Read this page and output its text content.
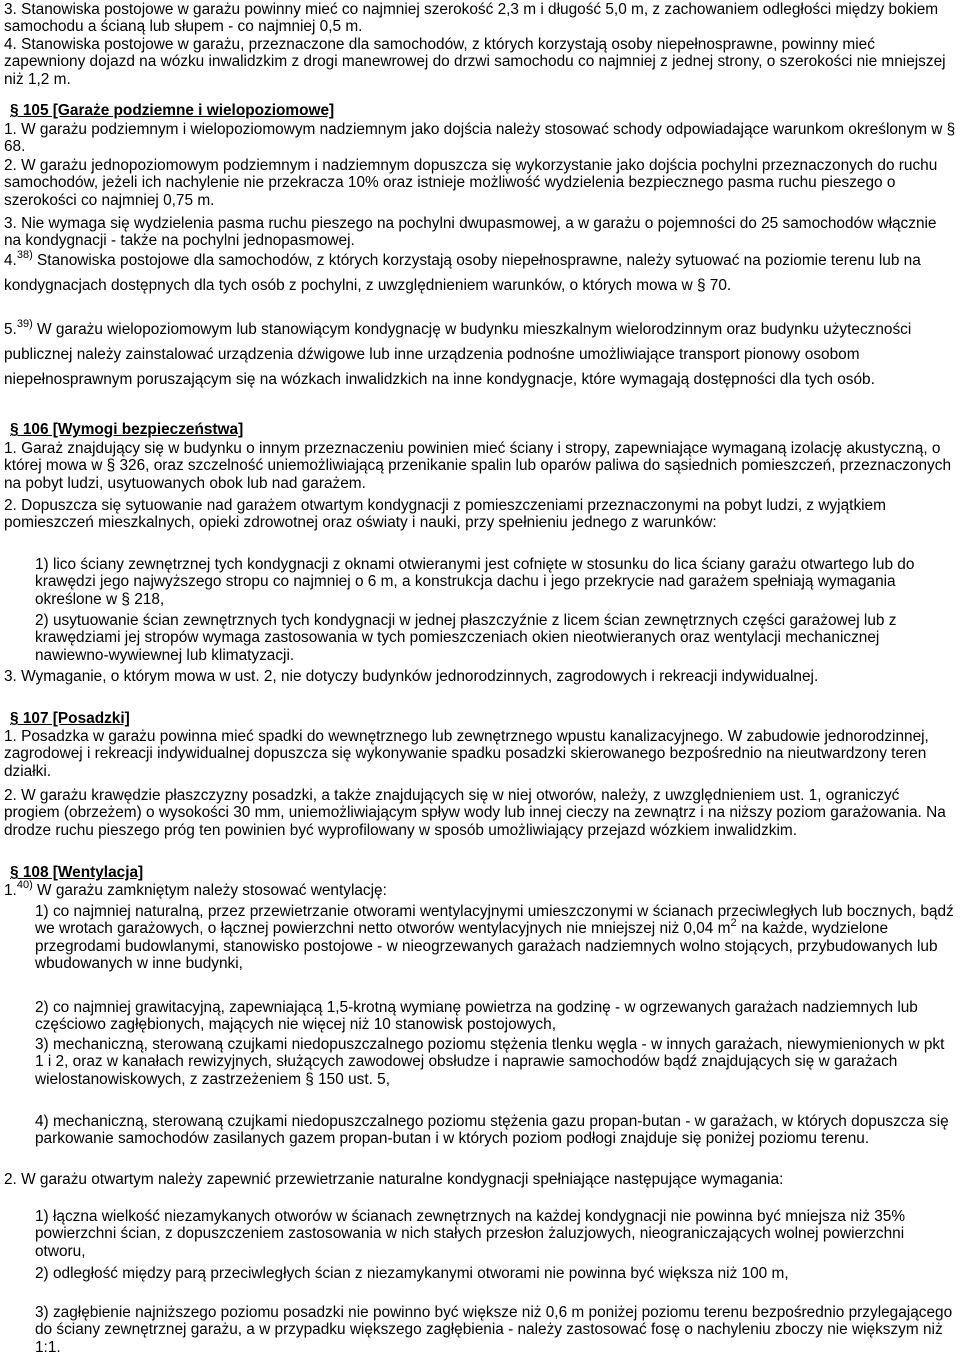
3. Stanowiska postojowe w garażu powinny mieć co najmniej szerokość 2,3 m i długość 5,0 m, z zachowaniem odległości między bokiem samochodu a ścianą lub słupem - co najmniej 0,5 m.

4. Stanowiska postojowe w garażu, przeznaczone dla samochodów, z których korzystają osoby niepełnosprawne, powinny mieć zapewniony dojazd na wózku inwalidzkim z drogi manewrowej do drzwi samochodu co najmniej z jednej strony, o szerokości nie mniejszej niż 1,2 m.

§ 105 [Garaże podziemne i wielopoziomowe]

1. W garażu podziemnym i wielopoziomowym nadziemnym jako dojścia należy stosować schody odpowiadające warunkom określonym w § 68.

2. W garażu jednopoziomowym podziemnym i nadziemnym dopuszcza się wykorzystanie jako dojścia pochylni przeznaczonych do ruchu samochodów, jeżeli ich nachylenie nie przekracza 10% oraz istnieje możliwość wydzielenia bezpiecznego pasma ruchu pieszego o szerokości co najmniej 0,75 m.

3. Nie wymaga się wydzielenia pasma ruchu pieszego na pochylni dwupasmowej, a w garażu o pojemności do 25 samochodów włącznie na kondygnacji - także na pochylni jednopasmowej.

4.$^{38)}$ Stanowiska postojowe dla samochodów, z których korzystają osoby niepełnosprawne, należy sytuować na poziomie terenu lub na kondygnacjach dostępnych dla tych osób z pochylni, z uwzględnieniem warunków, o których mowa w § 70.

5.$^{39)}$ W garażu wielopoziomowym lub stanowiącym kondygnację w budynku mieszkalnym wielorodzinnym oraz budynku użyteczności publicznej należy zainstalować urządzenia dźwigowe lub inne urządzenia podnośne umożliwiające transport pionowy osobom niepełnosprawnym poruszającym się na wózkach inwalidzkich na inne kondygnacje, które wymagają dostępności dla tych osób.

§ 106 [Wymogi bezpieczeństwa]

1. Garaż znajdujący się w budynku o innym przeznaczeniu powinien mieć ściany i stropy, zapewniające wymaganą izolację akustyczną, o której mowa w § 326, oraz szczelność uniemożliwiającą przenikanie spalin lub oparów paliwa do sąsiednich pomieszczeń, przeznaczonych na pobyt ludzi, usytuowanych obok lub nad garażem.

2. Dopuszcza się sytuowanie nad garażem otwartym kondygnacji z pomieszczeniami przeznaczonymi na pobyt ludzi, z wyjątkiem pomieszczeń mieszkalnych, opieki zdrowotnej oraz oświaty i nauki, przy spełnieniu jednego z warunków:

1) lico ściany zewnętrznej tych kondygnacji z oknami otwieranymi jest cofnięte w stosunku do lica ściany garażu otwartego lub do krawędzi jego najwyższego stropu co najmniej o 6 m, a konstrukcja dachu i jego przekrycie nad garażem spełniają wymagania określone w § 218,

2) usytuowanie ścian zewnętrznych tych kondygnacji w jednej płaszczyźnie z licem ścian zewnętrznych części garażowej lub z krawędziami jej stropów wymaga zastosowania w tych pomieszczeniach okien nieotwieranych oraz wentylacji mechanicznej nawiewno-wywiewnej lub klimatyzacji.

3. Wymaganie, o którym mowa w ust. 2, nie dotyczy budynków jednorodzinnych, zagrodowych i rekreacji indywidualnej.

§ 107 [Posadzki]

1. Posadzka w garażu powinna mieć spadki do wewnętrznego lub zewnętrznego wpustu kanalizacyjnego. W zabudowie jednorodzinnej, zagrodowej i rekreacji indywidualnej dopuszcza się wykonywanie spadku posadzki skierowanego bezpośrednio na nieutwardzony teren działki.

2. W garażu krawędzie płaszczyzny posadzki, a także znajdujących się w niej otworów, należy, z uwzględnieniem ust. 1, ograniczyć progiem (obrzeżem) o wysokości 30 mm, uniemożliwiającym spływ wody lub innej cieczy na zewnątrz i na niższy poziom garażowania. Na drodze ruchu pieszego próg ten powinien być wyprofilowany w sposób umożliwiający przejazd wózkiem inwalidzkim.

§ 108 [Wentylacja]

1.$^{40)}$ W garażu zamkniętym należy stosować wentylację:

1) co najmniej naturalną, przez przewietrzanie otworami wentylacyjnymi umieszczonymi w ścianach przeciwległych lub bocznych, bądź we wrotach garażowych, o łącznej powierzchni netto otworów wentylacyjnych nie mniejszej niż 0,04 $m^2$ na każde, wydzielone przegrodami budowlanymi, stanowisko postojowe - w nieogrzewanych garażach nadziemnych wolno stojących, przybudowanych lub wbudowanych w inne budynki,

2) co najmniej grawitacyjną, zapewniającą 1,5-krotną wymianę powietrza na godzinę - w ogrzewanych garażach nadziemnych lub częściowo zagłębionych, mających nie więcej niż 10 stanowisk postojowych,

3) mechaniczną, sterowaną czujkami niedopuszczalnego poziomu stężenia tlenku węgla - w innych garażach, niewymienionych w pkt 1 i 2, oraz w kanałach rewizyjnych, służących zawodowej obsłudze i naprawie samochodów bądź znajdujących się w garażach wielostanowiskowych, z zastrzeżeniem § 150 ust. 5,

4) mechaniczną, sterowaną czujkami niedopuszczalnego poziomu stężenia gazu propan-butan - w garażach, w których dopuszcza się parkowanie samochodów zasilanych gazem propan-butan i w których poziom podłogi znajduje się poniżej poziomu terenu.

2. W garażu otwartym należy zapewnić przewietrzanie naturalne kondygnacji spełniające następujące wymagania:

1) łączna wielkość niezamykanych otworów w ścianach zewnętrznych na każdej kondygnacji nie powinna być mniejsza niż 35% powierzchni ścian, z dopuszczeniem zastosowania w nich stałych przesłon żaluzjowych, nieograniczających wolnej powierzchni otworu,

2) odległość między parą przeciwległych ścian z niezamykanymi otworami nie powinna być większa niż 100 m,

3) zagłębienie najniższego poziomu posadzki nie powinno być większe niż 0,6 m poniżej poziomu terenu bezpośrednio przylegającego do ściany zewnętrznej garażu, a w przypadku większego zagłębienia - należy zastosować fosę o nachyleniu zboczy nie większym niż 1:1.
